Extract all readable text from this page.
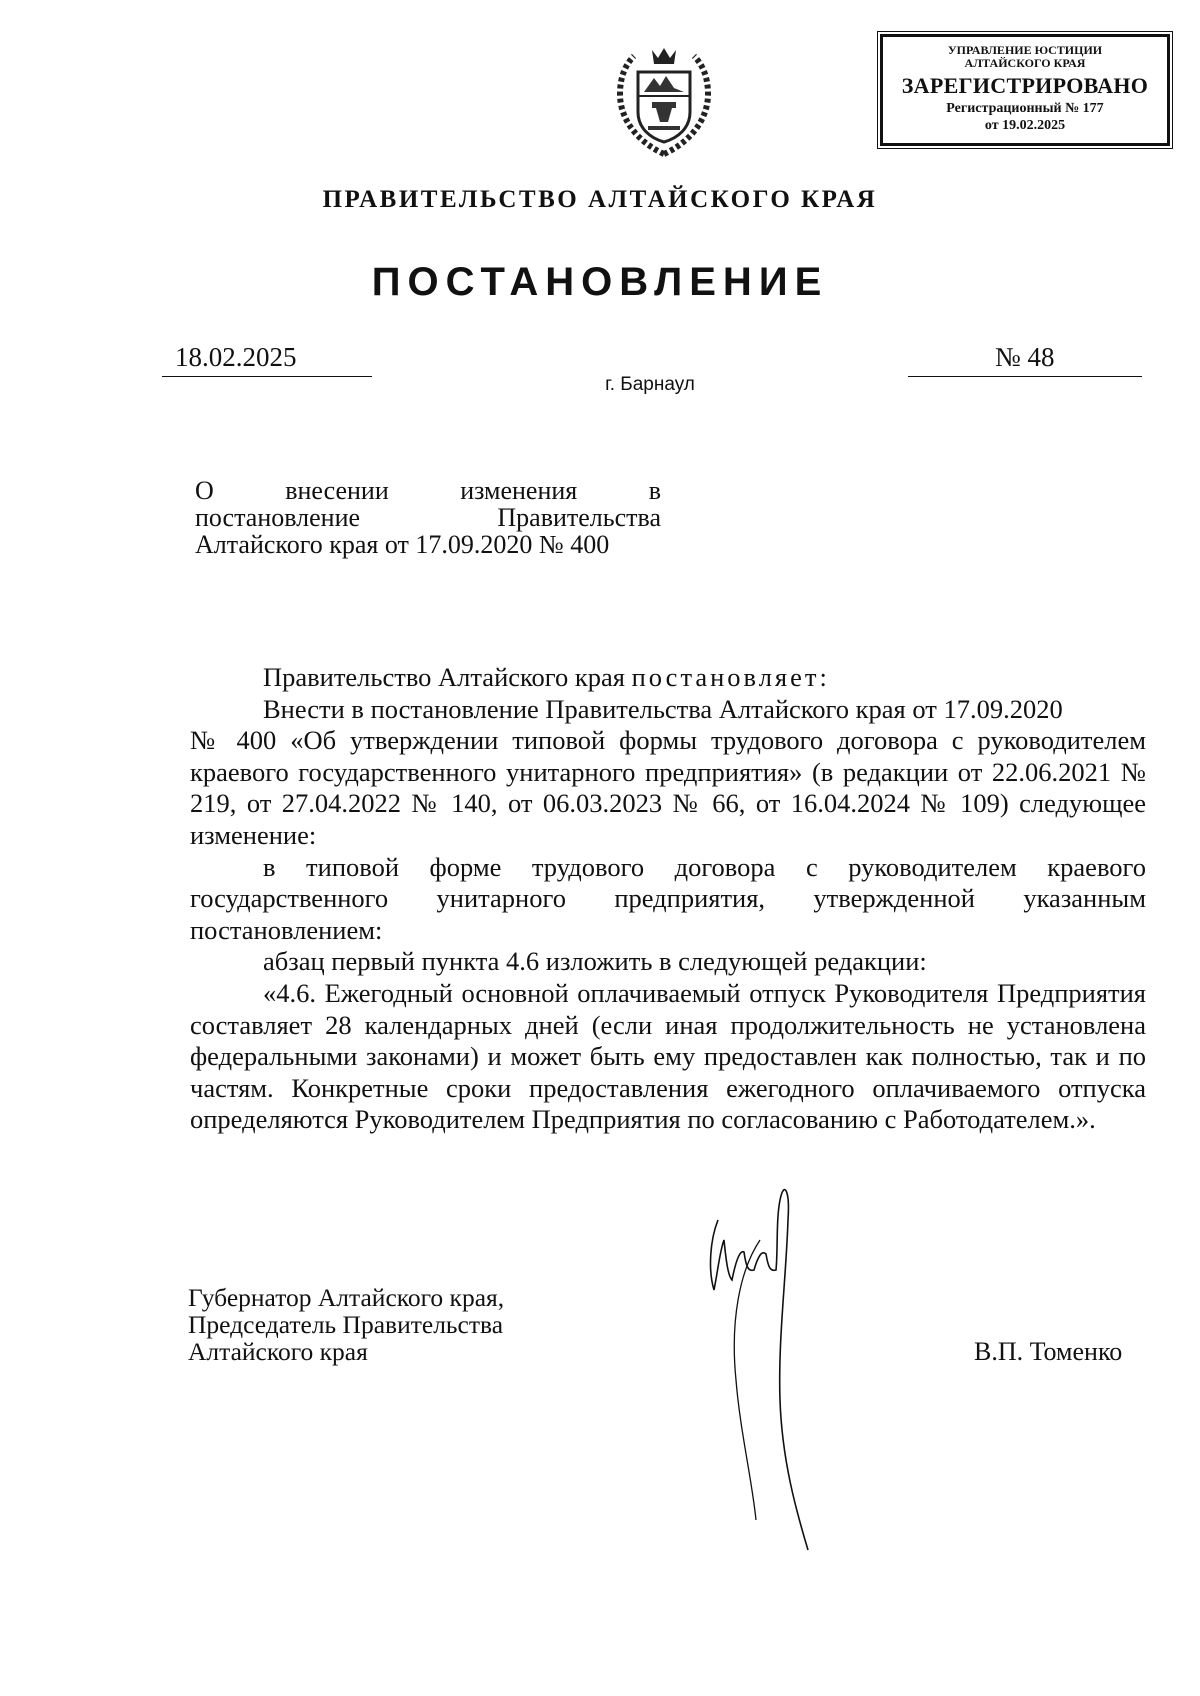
УПРАВЛЕНИЕ ЮСТИЦИИ
АЛТАЙСКОГО КРАЯ
ЗАРЕГИСТРИРОВАНО
Регистрационный № 177
от 19.02.2025
ПРАВИТЕЛЬСТВО АЛТАЙСКОГО КРАЯ
ПОСТАНОВЛЕНИЕ
18.02.2025	№ 48
г. Барнаул
О внесении изменения в
постановление Правительства
Алтайского края от 17.09.2020 № 400
Правительство Алтайского края постановляет:
Внести в постановление Правительства Алтайского края от 17.09.2020
№ 400 «Об утверждении типовой формы трудового договора с руководителем краевого государственного унитарного предприятия» (в редакции от 22.06.2021 № 219, от 27.04.2022 № 140, от 06.03.2023 № 66, от 16.04.2024 № 109) следующее изменение:
в типовой форме трудового договора с руководителем краевого государственного унитарного предприятия, утвержденной указанным постановлением:
абзац первый пункта 4.6 изложить в следующей редакции:
«4.6. Ежегодный основной оплачиваемый отпуск Руководителя Предприятия составляет 28 календарных дней (если иная продолжительность не установлена федеральными законами) и может быть ему предоставлен как полностью, так и по частям. Конкретные сроки предоставления ежегодного оплачиваемого отпуска определяются Руководителем Предприятия по согласованию с Работодателем.».
Губернатор Алтайского края,
Председатель Правительства
Алтайского края	В.П. Томенко
